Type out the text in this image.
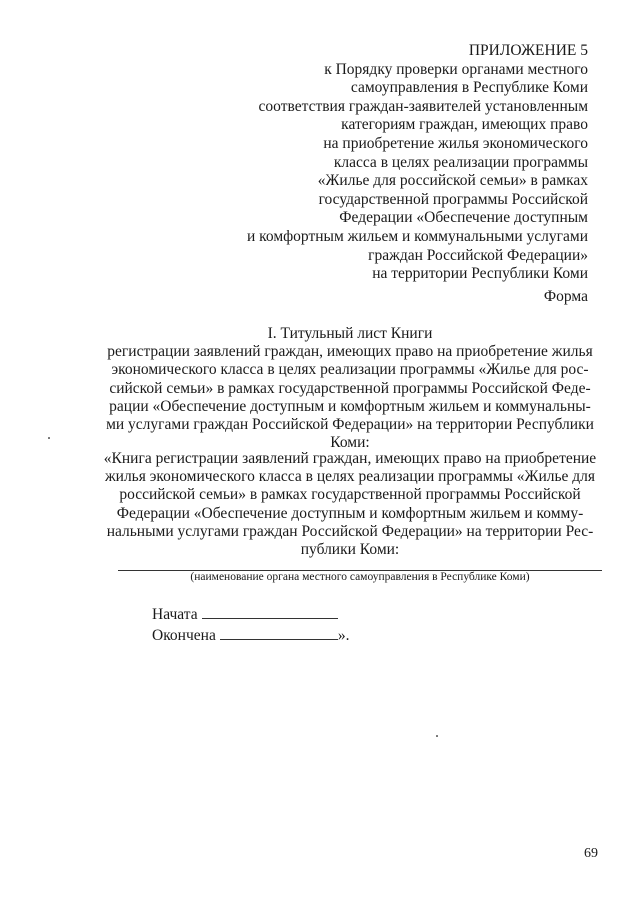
ПРИЛОЖЕНИЕ 5
к Порядку проверки органами местного
самоуправления в Республике Коми
соответствия граждан-заявителей установленным
категориям граждан, имеющих право
на приобретение жилья экономического
класса в целях реализации программы
«Жилье для российской семьи» в рамках
государственной программы Российской
Федерации «Обеспечение доступным
и комфортным жильем и коммунальными услугами
граждан Российской Федерации»
на территории Республики Коми
Форма
I. Титульный лист Книги
регистрации заявлений граждан, имеющих право на приобретение жилья
экономического класса в целях реализации программы «Жилье для рос-
сийской семьи» в рамках государственной программы Российской Феде-
рации «Обеспечение доступным и комфортным жильем и коммунальны-
ми услугами граждан Российской Федерации» на территории Республики
Коми:
«Книга регистрации заявлений граждан, имеющих право на приобретение
жилья экономического класса в целях реализации программы «Жилье для
российской семьи» в рамках государственной программы Российской
Федерации «Обеспечение доступным и комфортным жильем и комму-
нальными услугами граждан Российской Федерации» на территории Рес-
публики Коми:
(наименование органа местного самоуправления в Республике Коми)
Начата
Окончена	».
69
